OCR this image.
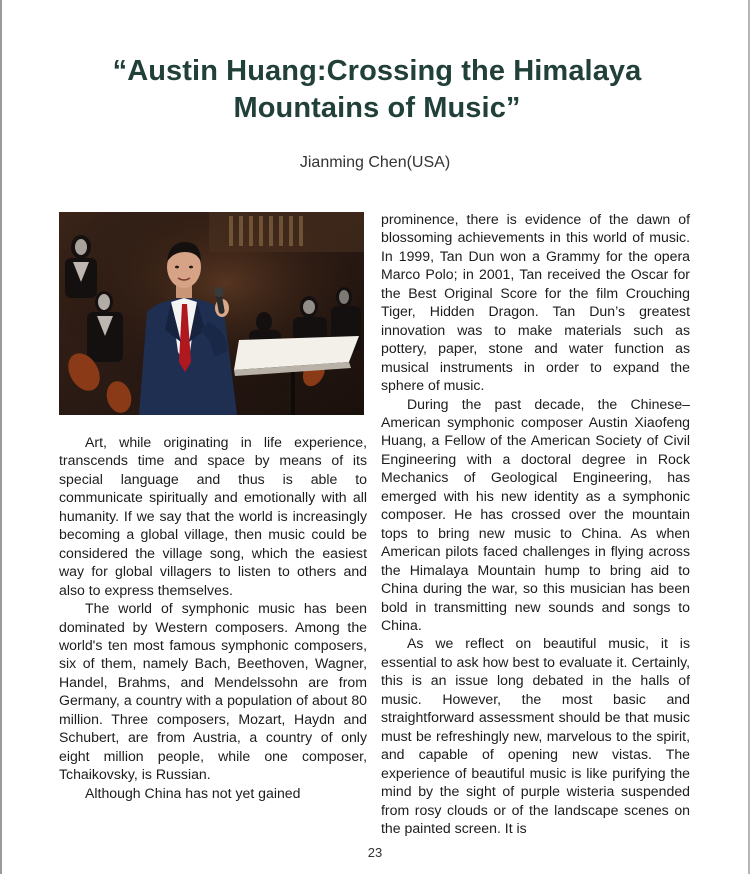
“Austin Huang:Crossing the Himalaya Mountains of Music”
Jianming Chen(USA)

Art, while originating in life experience, transcends time and space by means of its special language and thus is able to communicate spiritually and emotionally with all humanity. If we say that the world is increasingly becoming a global village, then music could be considered the village song, which the easiest way for global villagers to listen to others and also to express themselves.

The world of symphonic music has been dominated by Western composers. Among the world's ten most famous symphonic composers, six of them, namely Bach, Beethoven, Wagner, Handel, Brahms, and Mendelssohn are from Germany, a country with a population of about 80 million. Three composers, Mozart, Haydn and Schubert, are from Austria, a country of only eight million people, while one composer, Tchaikovsky, is Russian.

Although China has not yet gained

prominence, there is evidence of the dawn of blossoming achievements in this world of music. In 1999, Tan Dun won a Grammy for the opera Marco Polo; in 2001, Tan received the Oscar for the Best Original Score for the film Crouching Tiger, Hidden Dragon. Tan Dun’s greatest innovation was to make materials such as pottery, paper, stone and water function as musical instruments in order to expand the sphere of music.

During the past decade, the Chinese–American symphonic composer Austin Xiaofeng Huang, a Fellow of the American Society of Civil Engineering with a doctoral degree in Rock Mechanics of Geological Engineering, has emerged with his new identity as a symphonic composer. He has crossed over the mountain tops to bring new music to China. As when American pilots faced challenges in flying across the Himalaya Mountain hump to bring aid to China during the war, so this musician has been bold in transmitting new sounds and songs to China.

As we reflect on beautiful music, it is essential to ask how best to evaluate it. Certainly, this is an issue long debated in the halls of music. However, the most basic and straightforward assessment should be that music must be refreshingly new, marvelous to the spirit, and capable of opening new vistas. The experience of beautiful music is like purifying the mind by the sight of purple wisteria suspended from rosy clouds or of the landscape scenes on the painted screen. It is

23
